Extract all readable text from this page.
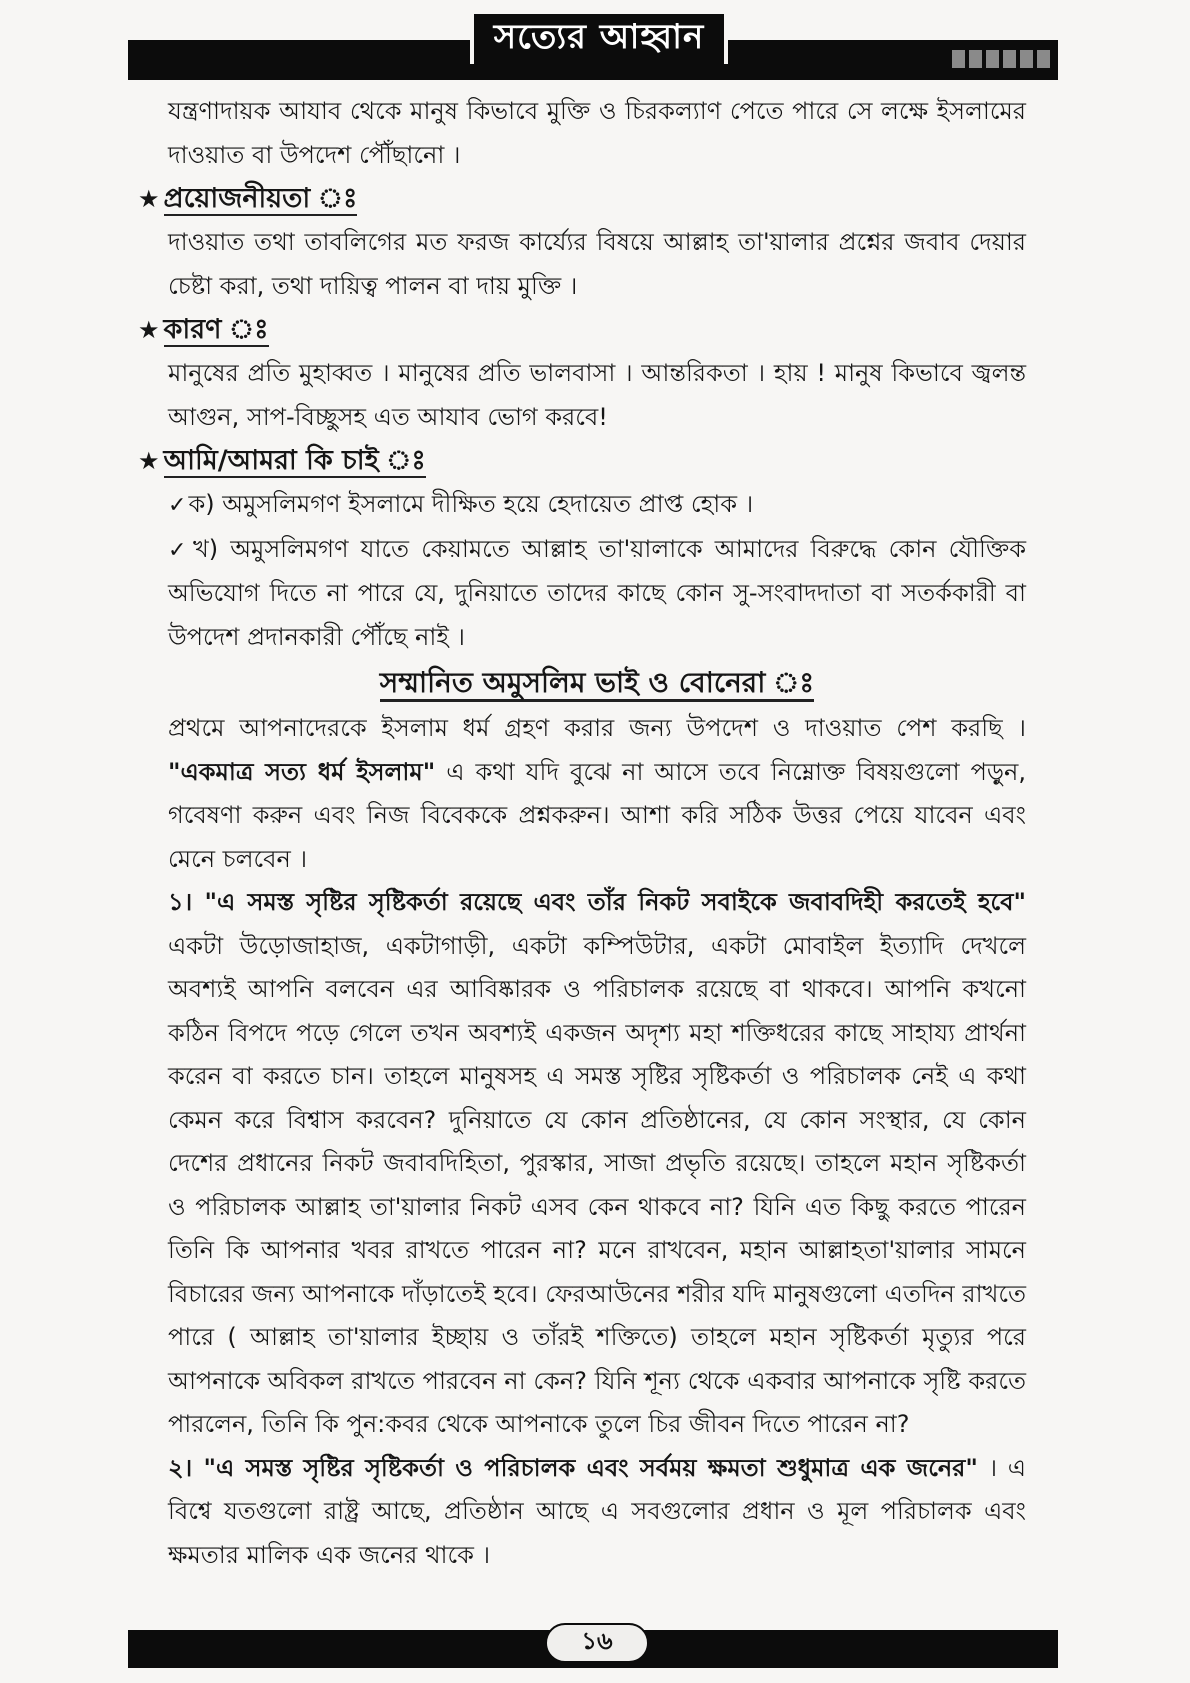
সত্যের আহ্বান

যন্ত্রণাদায়ক আযাব থেকে মানুষ কিভাবে মুক্তি ও চিরকল্যাণ পেতে পারে সে লক্ষে ইসলামের দাওয়াত বা উপদেশ পৌঁছানো ।

★ প্রয়োজনীয়তা ঃ

দাওয়াত তথা তাবলিগের মত ফরজ কার্য্যের বিষয়ে আল্লাহ তা'য়ালার প্রশ্নের জবাব দেয়ার চেষ্টা করা, তথা দায়িত্ব পালন বা দায় মুক্তি ।

★ কারণ ঃ

মানুষের প্রতি মুহাব্বত । মানুষের প্রতি ভালবাসা । আন্তরিকতা । হায় ! মানুষ কিভাবে জ্বলন্ত আগুন, সাপ-বিচ্ছুসহ এত আযাব ভোগ করবে!

★ আমি/আমরা কি চাই ঃ

✓ক) অমুসলিমগণ ইসলামে দীক্ষিত হয়ে হেদায়েত প্রাপ্ত হোক ।

✓খ) অমুসলিমগণ যাতে কেয়ামতে আল্লাহ তা'য়ালাকে আমাদের বিরুদ্ধে কোন যৌক্তিক অভিযোগ দিতে না পারে যে, দুনিয়াতে তাদের কাছে কোন সু-সংবাদদাতা বা সতর্ককারী বা উপদেশ প্রদানকারী পৌঁছে নাই ।

সম্মানিত অমুসলিম ভাই ও বোনেরা ঃ

প্রথমে আপনাদেরকে ইসলাম ধর্ম গ্রহণ করার জন্য উপদেশ ও দাওয়াত পেশ করছি । "একমাত্র সত্য ধর্ম ইসলাম" এ কথা যদি বুঝে না আসে তবে নিম্নোক্ত বিষয়গুলো পড়ুন, গবেষণা করুন এবং নিজ বিবেককে প্রশ্নকরুন। আশা করি সঠিক উত্তর পেয়ে যাবেন এবং মেনে চলবেন ।

১। "এ সমস্ত সৃষ্টির সৃষ্টিকর্তা রয়েছে এবং তাঁর নিকট সবাইকে জবাবদিহী করতেই হবে" একটা উড়োজাহাজ, একটাগাড়ী, একটা কম্পিউটার, একটা মোবাইল ইত্যাদি দেখলে অবশ্যই আপনি বলবেন এর আবিষ্কারক ও পরিচালক রয়েছে বা থাকবে। আপনি কখনো কঠিন বিপদে পড়ে গেলে তখন অবশ্যই একজন অদৃশ্য মহা শক্তিধরের কাছে সাহায্য প্রার্থনা করেন বা করতে চান। তাহলে মানুষসহ এ সমস্ত সৃষ্টির সৃষ্টিকর্তা ও পরিচালক নেই এ কথা কেমন করে বিশ্বাস করবেন? দুনিয়াতে যে কোন প্রতিষ্ঠানের, যে কোন সংস্থার, যে কোন দেশের প্রধানের নিকট জবাবদিহিতা, পুরস্কার, সাজা প্রভৃতি রয়েছে। তাহলে মহান সৃষ্টিকর্তা ও পরিচালক আল্লাহ তা'য়ালার নিকট এসব কেন থাকবে না? যিনি এত কিছু করতে পারেন তিনি কি আপনার খবর রাখতে পারেন না? মনে রাখবেন, মহান আল্লাহতা'য়ালার সামনে বিচারের জন্য আপনাকে দাঁড়াতেই হবে। ফেরআউনের শরীর যদি মানুষগুলো এতদিন রাখতে পারে ( আল্লাহ তা'য়ালার ইচ্ছায় ও তাঁরই শক্তিতে) তাহলে মহান সৃষ্টিকর্তা মৃত্যুর পরে আপনাকে অবিকল রাখতে পারবেন না কেন? যিনি শূন্য থেকে একবার আপনাকে সৃষ্টি করতে পারলেন, তিনি কি পুন:কবর থেকে আপনাকে তুলে চির জীবন দিতে পারেন না?

২। "এ সমস্ত সৃষ্টির সৃষ্টিকর্তা ও পরিচালক এবং সর্বময় ক্ষমতা শুধুমাত্র এক জনের" । এ বিশ্বে যতগুলো রাষ্ট্র আছে, প্রতিষ্ঠান আছে এ সবগুলোর প্রধান ও মূল পরিচালক এবং ক্ষমতার মালিক এক জনের থাকে ।

১৬
